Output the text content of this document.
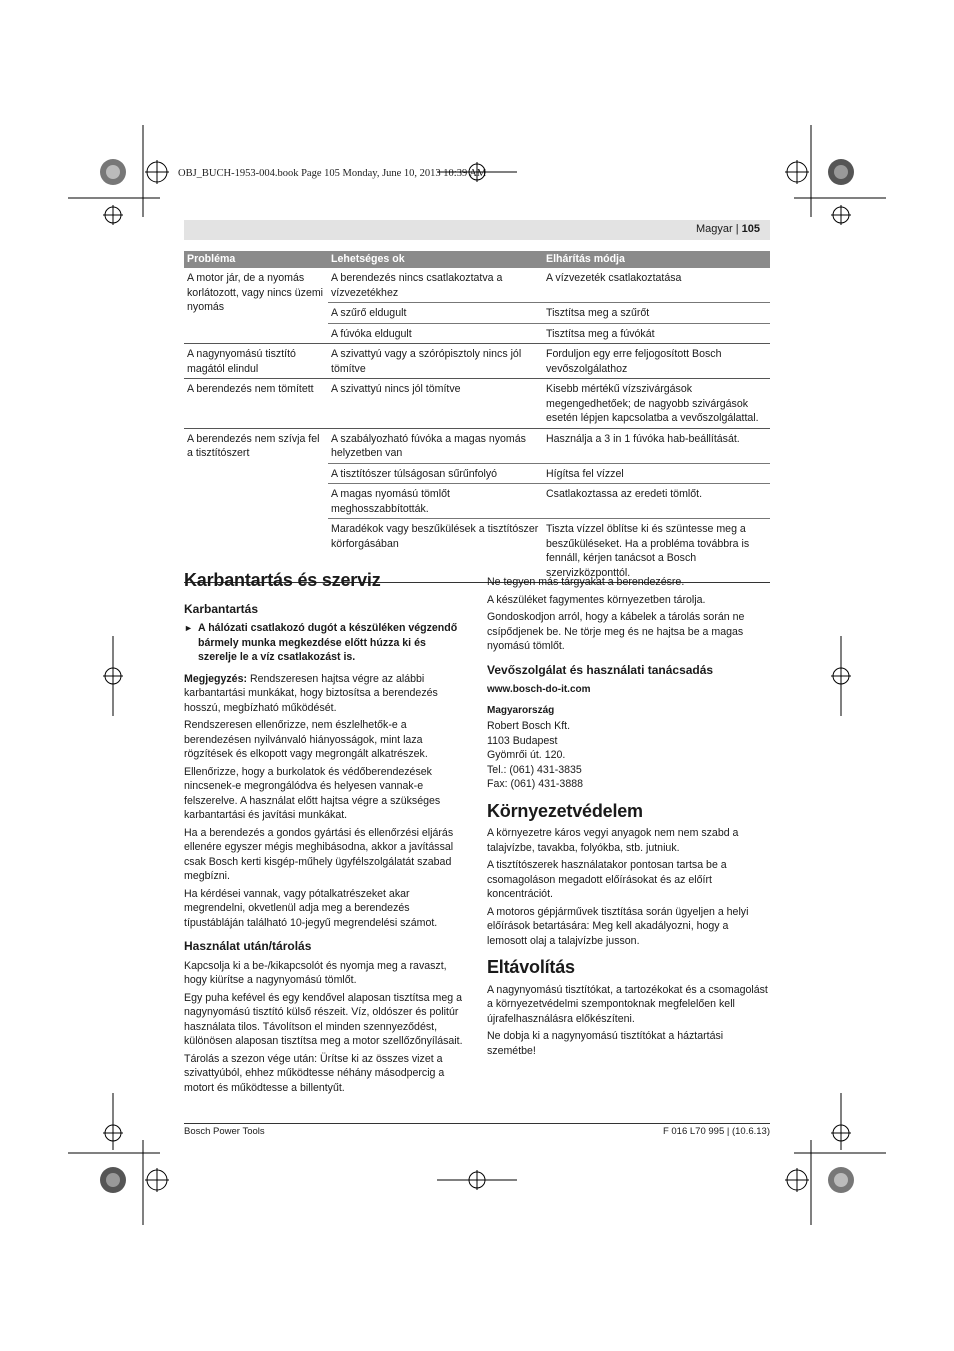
OBJ_BUCH-1953-004.book Page 105 Monday, June 10, 2013 10:39 AM
Magyar | 105
Probléma	Lehetséges ok	Elhárítás módja
A motor jár, de a nyomás korlátozott, vagy nincs üzemi nyomás	A berendezés nincs csatlakoztatva a vízvezetékhez	A vízvezeték csatlakoztatása
	A szűrő eldugult	Tisztítsa meg a szűrőt
	A fúvóka eldugult	Tisztítsa meg a fúvókát
A nagynyomású tisztító magától elindul	A szivattyú vagy a szórópisztoly nincs jól tömítve	Forduljon egy erre feljogosított Bosch vevőszolgálathoz
A berendezés nem tömített	A szivattyú nincs jól tömítve	Kisebb mértékű vízszivárgások megengedhetőek; de nagyobb szivárgások esetén lépjen kapcsolatba a vevőszolgálattal.
A berendezés nem szívja fel a tisztítószert	A szabályozható fúvóka a magas nyomás helyzetben van	Használja a 3 in 1 fúvóka hab-beállítását.
	A tisztítószer túlságosan sűrűnfolyó	Hígítsa fel vízzel
	A magas nyomású tömlőt meghosszabbították.	Csatlakoztassa az eredeti tömlőt.
	Maradékok vagy beszűkülések a tisztítószer körforgásában	Tiszta vízzel öblítse ki és szüntesse meg a beszűküléseket. Ha a probléma továbbra is fennáll, kérjen tanácsot a Bosch szervizközponttól.
Karbantartás és szerviz
Karbantartás
► A hálózati csatlakozó dugót a készüléken végzendő bármely munka megkezdése előtt húzza ki és szerelje le a víz csatlakozást is.

Megjegyzés: Rendszeresen hajtsa végre az alábbi karbantartási munkákat, hogy biztosítsa a berendezés hosszú, megbízható működését.

Rendszeresen ellenőrizze, nem észlelhetők-e a berendezésen nyilvánvaló hiányosságok, mint laza rögzítések és elkopott vagy megrongált alkatrészek.

Ellenőrizze, hogy a burkolatok és védőberendezések nincsenek-e megrongálódva és helyesen vannak-e felszerelve. A használat előtt hajtsa végre a szükséges karbantartási és javítási munkákat.

Ha a berendezés a gondos gyártási és ellenőrzési eljárás ellenére egyszer mégis meghibásodna, akkor a javítással csak Bosch kerti kisgép-műhely ügyfélszolgálatát szabad megbízni.

Ha kérdései vannak, vagy pótalkatrészeket akar megrendelni, okvetlenül adja meg a berendezés típustábláján található 10-jegyű megrendelési számot.

Használat után/tárolás

Kapcsolja ki a be-/kikapcsolót és nyomja meg a ravaszt, hogy kiürítse a nagynyomású tömlőt.

Egy puha kefével és egy kendővel alaposan tisztítsa meg a nagynyomású tisztító külső részeit. Víz, oldószer és politúr használata tilos. Távolítson el minden szennyeződést, különösen alaposan tisztítsa meg a motor szellőzőnyílásait.

Tárolás a szezon vége után: Ürítse ki az összes vizet a szivattyúból, ehhez működtesse néhány másodpercig a motort és működtesse a billentyűt.

Ne tegyen más tárgyakat a berendezésre.

A készüléket fagymentes környezetben tárolja.

Gondoskodjon arról, hogy a kábelek a tárolás során ne csípődjenek be. Ne törje meg és ne hajtsa be a magas nyomású tömlőt.

Vevőszolgálat és használati tanácsadás

www.bosch-do-it.com

Magyarország

Robert Bosch Kft.
1103 Budapest
Gyömrői út. 120.
Tel.: (061) 431-3835
Fax: (061) 431-3888
Környezetvédelem

A környezetre káros vegyi anyagok nem nem szabd a talajvízbe, tavakba, folyókba, stb. jutniuk.

A tisztítószerek használatakor pontosan tartsa be a csomagoláson megadott előírásokat és az előírt koncentrációt.

A motoros gépjárművek tisztítása során ügyeljen a helyi előírások betartására: Meg kell akadályozni, hogy a lemosott olaj a talajvízbe jusson.

Eltávolítás

A nagynyomású tisztítókat, a tartozékokat és a csomagolást a környezetvédelmi szempontoknak megfelelően kell újrafelhasználásra előkészíteni.

Ne dobja ki a nagynyomású tisztítókat a háztartási szemétbe!

Bosch Power Tools	F 016 L70 995 | (10.6.13)
